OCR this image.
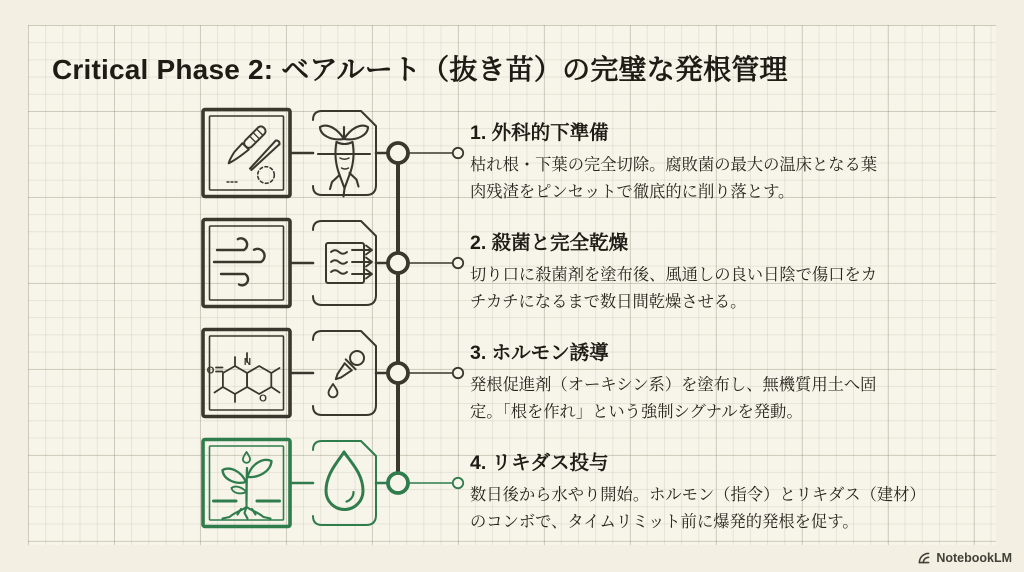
Critical Phase 2: ベアルート（抜き苗）の完璧な発根管理
N
O
O
1. 外科的下準備
枯れ根・下葉の完全切除。腐敗菌の最大の温床となる葉
肉残渣をピンセットで徹底的に削り落とす。
2. 殺菌と完全乾燥
切り口に殺菌剤を塗布後、風通しの良い日陰で傷口をカ
チカチになるまで数日間乾燥させる。
3. ホルモン誘導
発根促進剤（オーキシン系）を塗布し、無機質用土へ固
定。「根を作れ」という強制シグナルを発動。
4. リキダス投与
数日後から水やり開始。ホルモン（指令）とリキダス（建材）
のコンボで、タイムリミット前に爆発的発根を促す。
NotebookLM
